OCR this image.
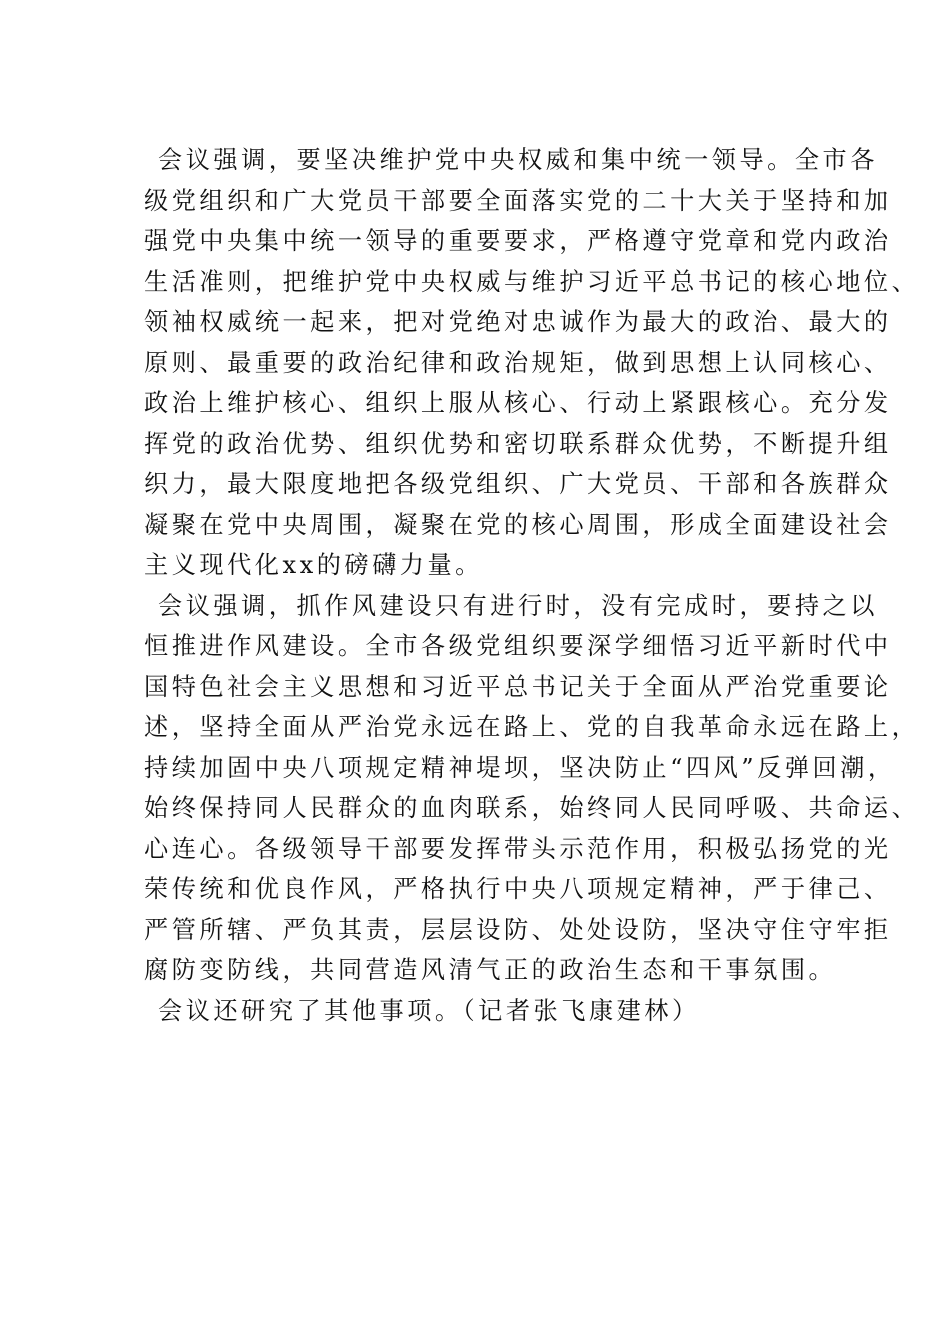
会议强调，要坚决维护党中央权威和集中统一领导。全市各
级党组织和广大党员干部要全面落实党的二十大关于坚持和加
强党中央集中统一领导的重要要求，严格遵守党章和党内政治
生活准则，把维护党中央权威与维护习近平总书记的核心地位、
领袖权威统一起来，把对党绝对忠诚作为最大的政治、最大的
原则、最重要的政治纪律和政治规矩，做到思想上认同核心、
政治上维护核心、组织上服从核心、行动上紧跟核心。充分发
挥党的政治优势、组织优势和密切联系群众优势，不断提升组
织力，最大限度地把各级党组织、广大党员、干部和各族群众
凝聚在党中央周围，凝聚在党的核心周围，形成全面建设社会
主义现代化xx的磅礴力量。
会议强调，抓作风建设只有进行时，没有完成时，要持之以
恒推进作风建设。全市各级党组织要深学细悟习近平新时代中
国特色社会主义思想和习近平总书记关于全面从严治党重要论
述，坚持全面从严治党永远在路上、党的自我革命永远在路上，
持续加固中央八项规定精神堤坝，坚决防止“四风”反弹回潮，
始终保持同人民群众的血肉联系，始终同人民同呼吸、共命运、
心连心。各级领导干部要发挥带头示范作用，积极弘扬党的光
荣传统和优良作风，严格执行中央八项规定精神，严于律己、
严管所辖、严负其责，层层设防、处处设防，坚决守住守牢拒
腐防变防线，共同营造风清气正的政治生态和干事氛围。
会议还研究了其他事项。（记者张飞康建林）
